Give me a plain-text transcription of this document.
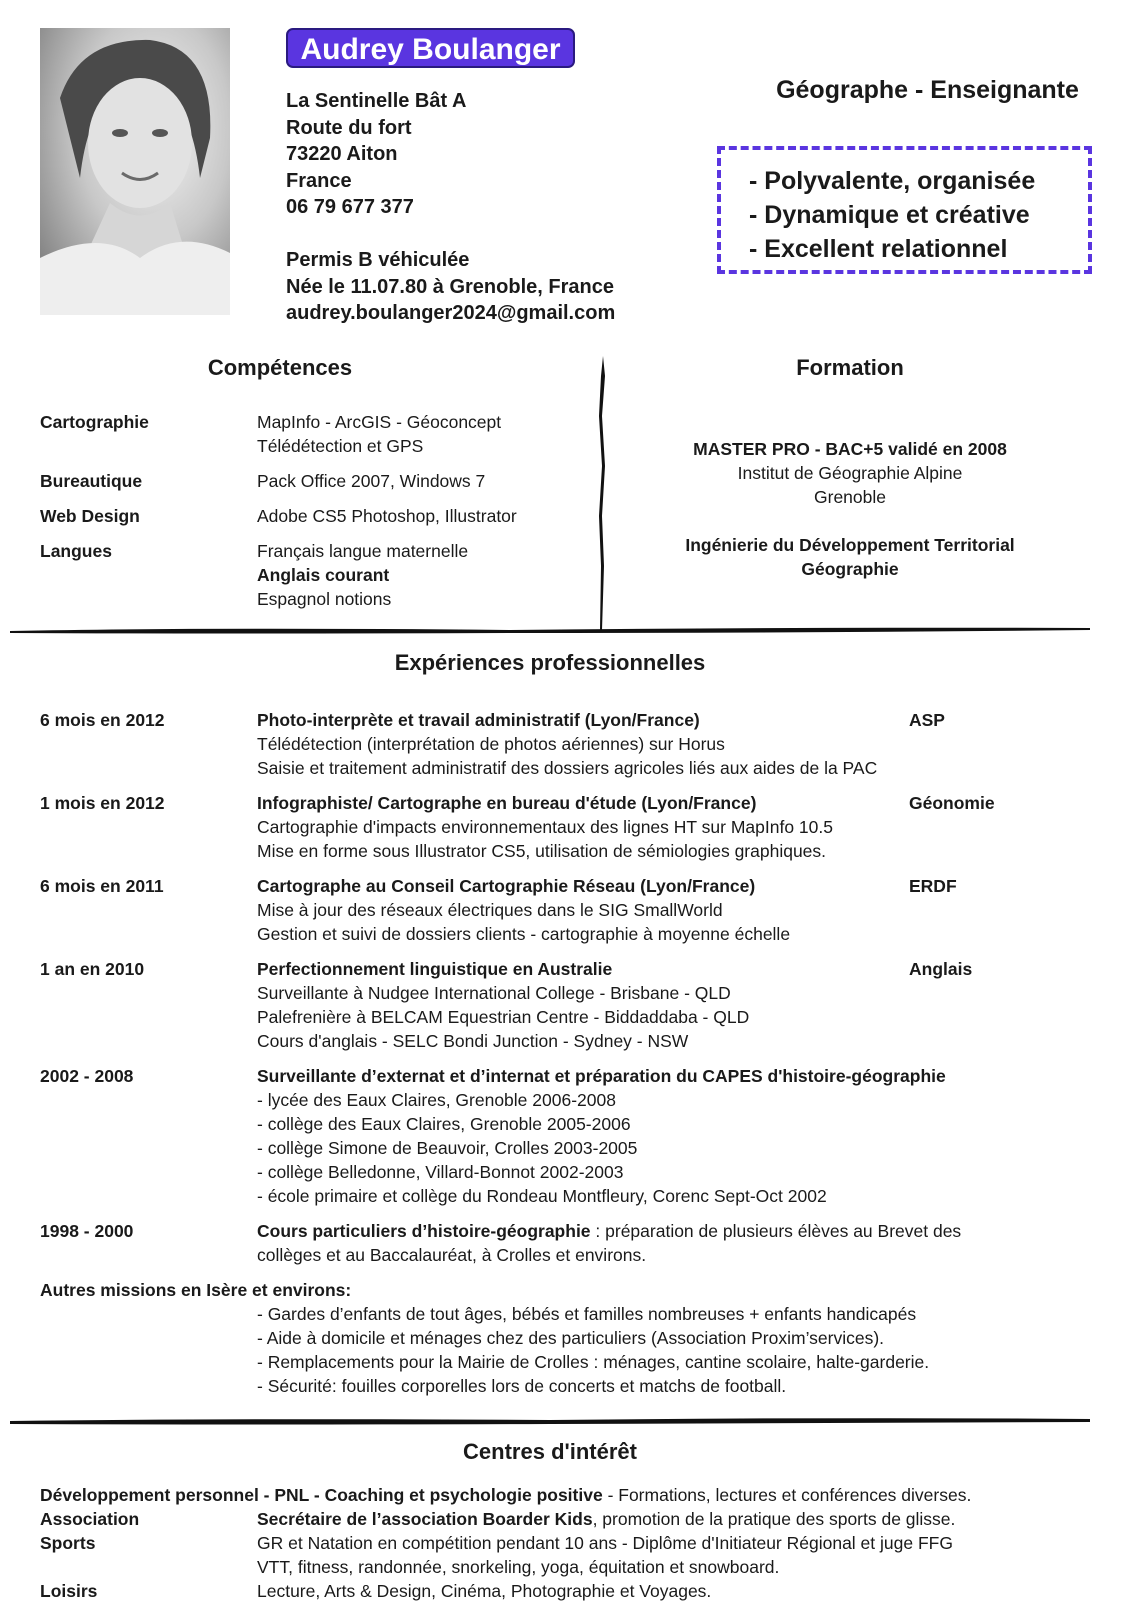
Audrey Boulanger
La Sentinelle Bât A
Route du fort
73220 Aiton
France
06 79 677 377
Permis B véhiculée
Née le 11.07.80 à Grenoble, France
audrey.boulanger2024@gmail.com
Géographe - Enseignante
- Polyvalente, organisée
- Dynamique et créative
- Excellent relationnel
Compétences
Cartographie	MapInfo - ArcGIS - Géoconcept
Télédétection et GPS
Bureautique	Pack Office 2007, Windows 7
Web Design	Adobe CS5 Photoshop, Illustrator
Langues	Français langue maternelle
Anglais courant
Espagnol notions
Formation
MASTER PRO - BAC+5 validé en 2008
Institut de Géographie Alpine
Grenoble
Ingénierie du Développement Territorial
Géographie
Expériences professionnelles
6 mois en 2012	Photo-interprète et travail administratif (Lyon/France)	ASP
Télédétection (interprétation de photos aériennes) sur Horus
Saisie et traitement administratif des dossiers agricoles liés aux aides de la PAC
1 mois en 2012	Infographiste/ Cartographe en bureau d'étude (Lyon/France)	Géonomie
Cartographie d'impacts environnementaux des lignes HT sur MapInfo 10.5
Mise en forme sous Illustrator CS5, utilisation de sémiologies graphiques.
6 mois en 2011	Cartographe au Conseil Cartographie Réseau (Lyon/France)	ERDF
Mise à jour des réseaux électriques dans le SIG SmallWorld
Gestion et suivi de dossiers clients - cartographie à moyenne échelle
1 an en 2010	Perfectionnement linguistique en Australie	Anglais
Surveillante à Nudgee International College - Brisbane - QLD
Palefrenière à BELCAM Equestrian Centre - Biddaddaba - QLD
Cours d'anglais - SELC Bondi Junction - Sydney - NSW
2002 - 2008	Surveillante d’externat et d’internat et préparation du CAPES d'histoire-géographie
- lycée des Eaux Claires, Grenoble 2006-2008
- collège des Eaux Claires, Grenoble 2005-2006
- collège Simone de Beauvoir, Crolles 2003-2005
- collège Belledonne, Villard-Bonnot 2002-2003
- école primaire et collège du Rondeau Montfleury, Corenc Sept-Oct 2002
1998 - 2000	Cours particuliers d’histoire-géographie : préparation de plusieurs élèves au Brevet des
collèges et au Baccalauréat, à Crolles et environs.
Autres missions en Isère et environs:
- Gardes d’enfants de tout âges, bébés et familles nombreuses + enfants handicapés
- Aide à domicile et ménages chez des particuliers (Association Proxim’services).
- Remplacements pour la Mairie de Crolles : ménages, cantine scolaire, halte-garderie.
- Sécurité: fouilles corporelles lors de concerts et matchs de football.
Centres d'intérêt
Développement personnel - PNL - Coaching et psychologie positive - Formations, lectures et conférences diverses.
Association	Secrétaire de l’association Boarder Kids, promotion de la pratique des sports de glisse.
Sports	GR et Natation en compétition pendant 10 ans - Diplôme d'Initiateur Régional et juge FFG
VTT, fitness, randonnée, snorkeling, yoga, équitation et snowboard.
Loisirs	Lecture, Arts & Design, Cinéma, Photographie et Voyages.
